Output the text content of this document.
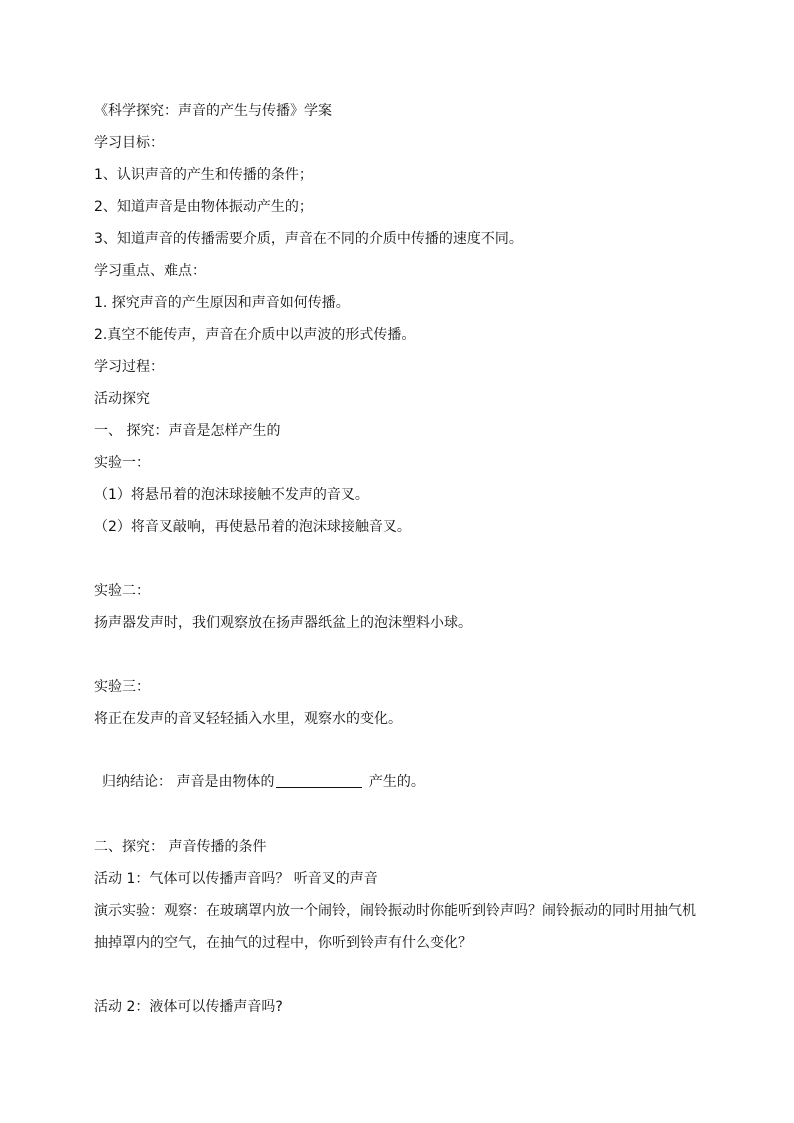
《科学探究：声音的产生与传播》学案
学习目标：
1、认识声音的产生和传播的条件；
2、知道声音是由物体振动产生的；
3、知道声音的传播需要介质，声音在不同的介质中传播的速度不同。
学习重点、难点：
1. 探究声音的产生原因和声音如何传播。
2.真空不能传声，声音在介质中以声波的形式传播。
学习过程：
活动探究
一、 探究：声音是怎样产生的
实验一：
（1）将悬吊着的泡沫球接触不发声的音叉。
（2）将音叉敲响，再使悬吊着的泡沫球接触音叉。
实验二：
扬声器发声时，我们观察放在扬声器纸盆上的泡沫塑料小球。
实验三：
将正在发声的音叉轻轻插入水里，观察水的变化。
归纳结论： 声音是由物体的	产生的。
二、探究： 声音传播的条件
活动 1：气体可以传播声音吗？ 听音叉的声音
演示实验：观察：在玻璃罩内放一个闹铃，闹铃振动时你能听到铃声吗？闹铃振动的同时用抽气机
抽掉罩内的空气，在抽气的过程中，你听到铃声有什么变化？
活动 2：液体可以传播声音吗?
